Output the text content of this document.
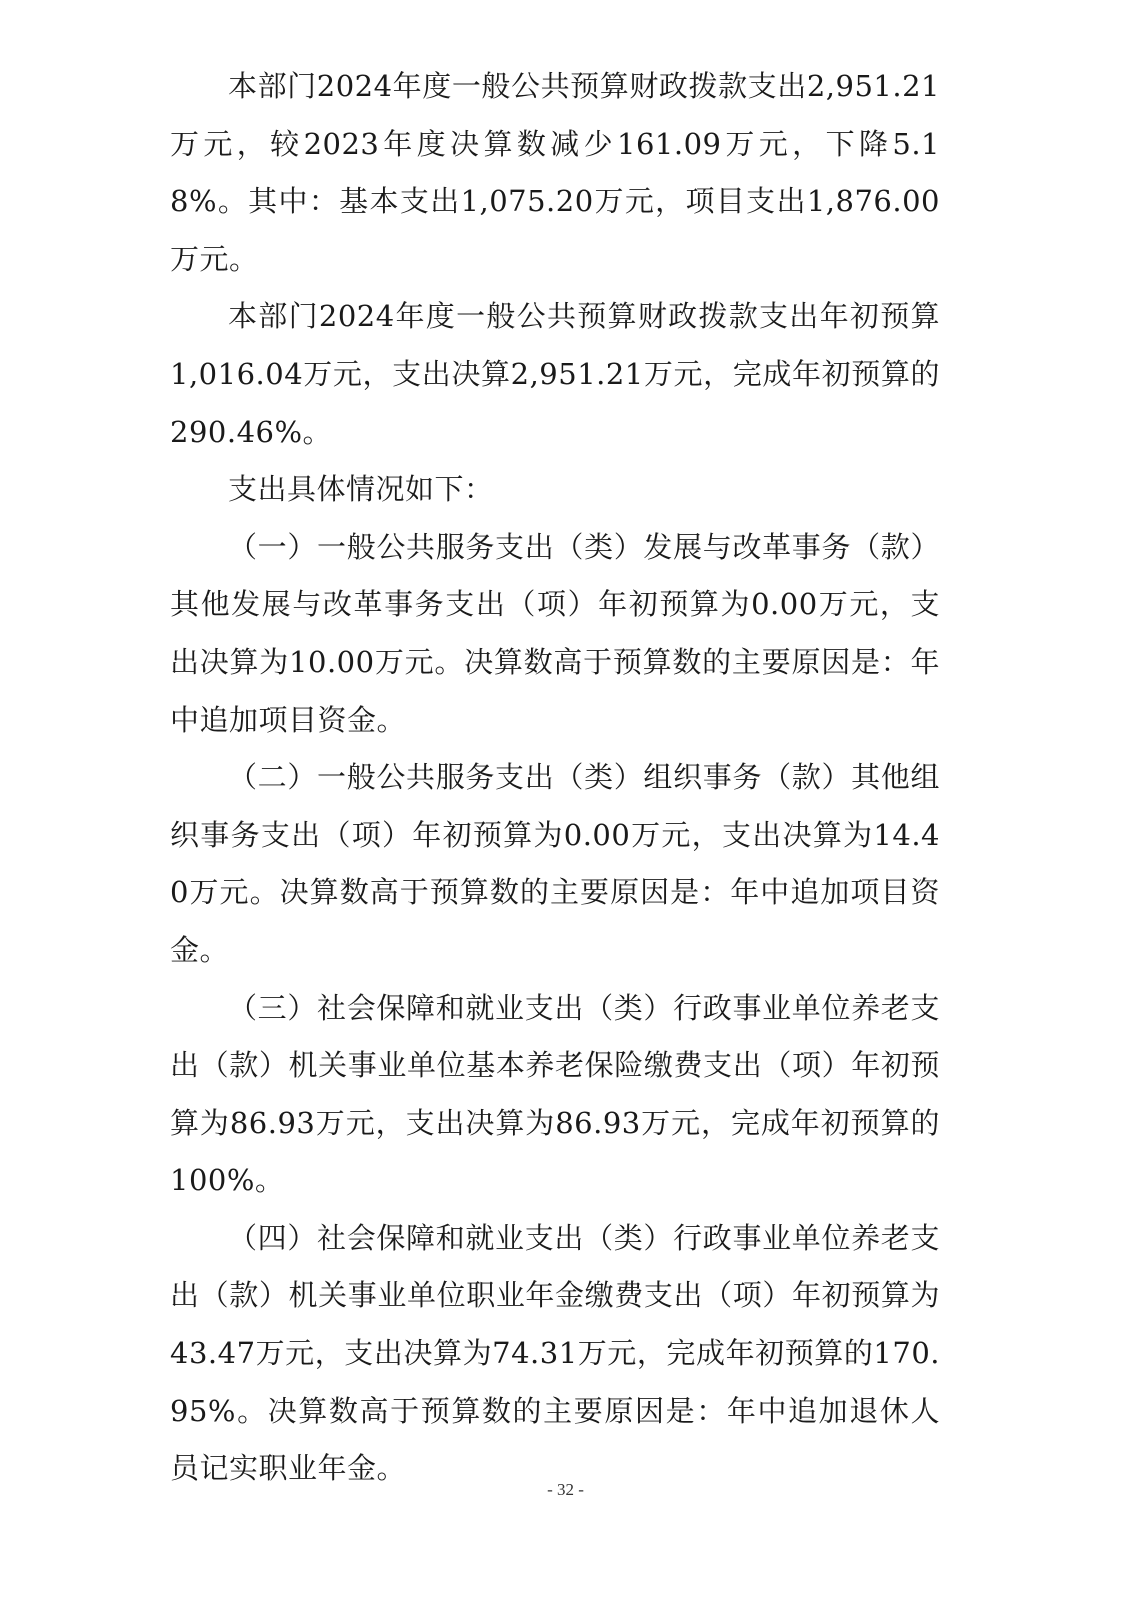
本部门2024年度一般公共预算财政拨款支出2,951.21万元，较2023年度决算数减少161.09万元，下降5.18%。其中：基本支出1,075.20万元，项目支出1,876.00万元。

本部门2024年度一般公共预算财政拨款支出年初预算1,016.04万元，支出决算2,951.21万元，完成年初预算的290.46%。

支出具体情况如下：

（一）一般公共服务支出（类）发展与改革事务（款）其他发展与改革事务支出（项）年初预算为0.00万元，支出决算为10.00万元。决算数高于预算数的主要原因是：年中追加项目资金。

（二）一般公共服务支出（类）组织事务（款）其他组织事务支出（项）年初预算为0.00万元，支出决算为14.40万元。决算数高于预算数的主要原因是：年中追加项目资金。

（三）社会保障和就业支出（类）行政事业单位养老支出（款）机关事业单位基本养老保险缴费支出（项）年初预算为86.93万元，支出决算为86.93万元，完成年初预算的100%。

（四）社会保障和就业支出（类）行政事业单位养老支出（款）机关事业单位职业年金缴费支出（项）年初预算为43.47万元，支出决算为74.31万元，完成年初预算的170.95%。决算数高于预算数的主要原因是：年中追加退休人员记实职业年金。

- 32 -
